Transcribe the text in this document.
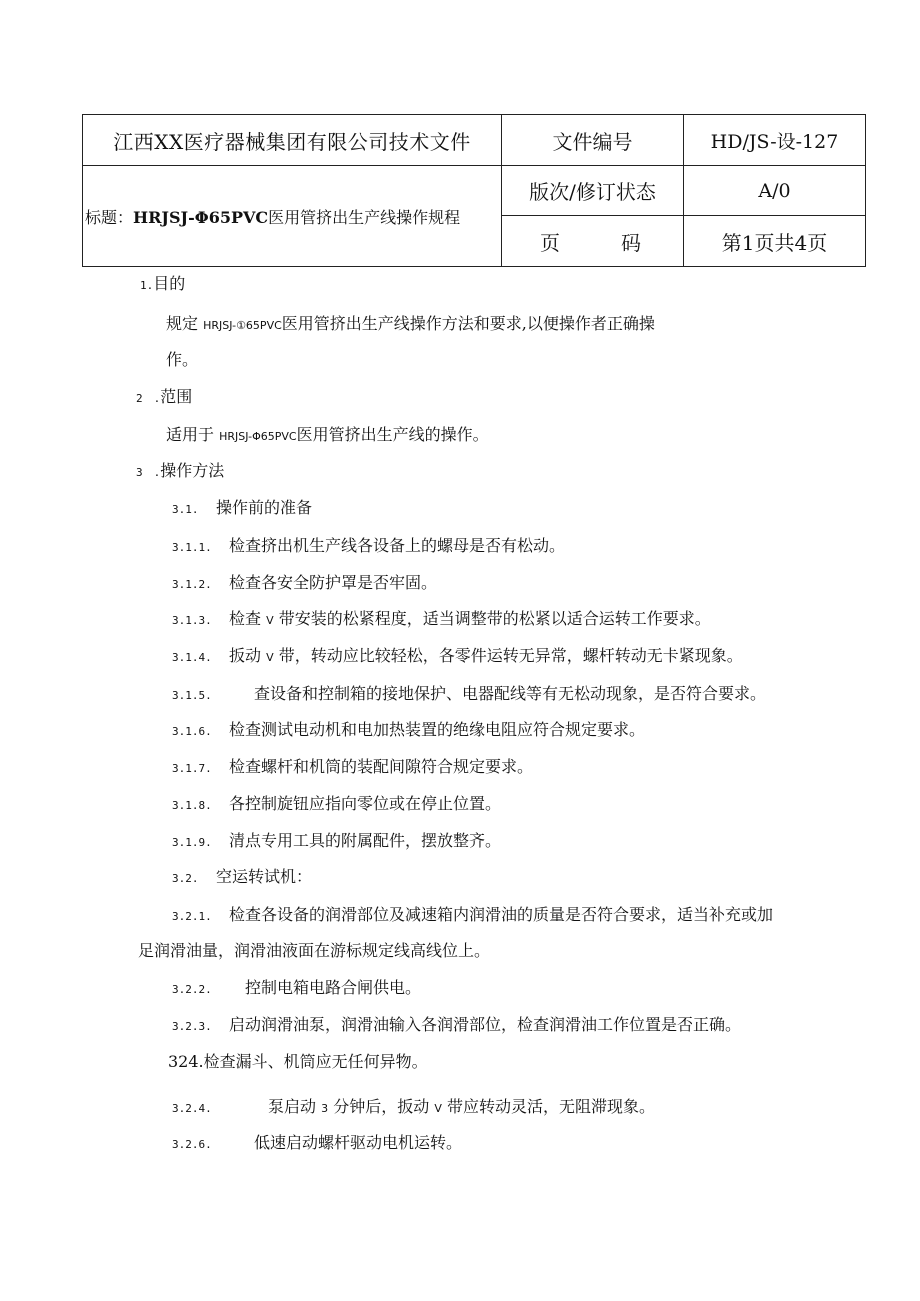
江西XX医疗器械集团有限公司技术文件	文件编号	HD/JS-设-127
标题：HRJSJ-Φ65PVC医用管挤出生产线操作规程	版次/修订状态	A/0

	页 码	第1页共4页
1.目的
规定 HRJSJ-①65PVC医用管挤出生产线操作方法和要求,以便操作者正确操
作。
2　.范围
适用于 HRJSJ-Φ65PVC医用管挤出生产线的操作。
3　.操作方法
3.1. 操作前的准备
3.1.1. 检查挤出机生产线各设备上的螺母是否有松动。
3.1.2. 检查各安全防护罩是否牢固。
3.1.3. 检查 V 带安装的松紧程度，适当调整带的松紧以适合运转工作要求。
3.1.4. 扳动 V 带，转动应比较轻松，各零件运转无异常，螺杆转动无卡紧现象。
3.1.5.	查设备和控制箱的接地保护、电器配线等有无松动现象，是否符合要求。
3.1.6. 检查测试电动机和电加热装置的绝缘电阻应符合规定要求。
3.1.7. 检查螺杆和机筒的装配间隙符合规定要求。
3.1.8. 各控制旋钮应指向零位或在停止位置。
3.1.9. 清点专用工具的附属配件，摆放整齐。
3.2. 空运转试机：
3.2.1. 检查各设备的润滑部位及减速箱内润滑油的质量是否符合要求，适当补充或加
足润滑油量，润滑油液面在游标规定线高线位上。
3.2.2. 控制电箱电路合闸供电。
3.2.3. 启动润滑油泵，润滑油输入各润滑部位，检查润滑油工作位置是否正确。
324.检查漏斗、机筒应无任何异物。
3.2.4.	泵启动 3 分钟后，扳动 V 带应转动灵活，无阻滞现象。
3.2.6.	低速启动螺杆驱动电机运转。
